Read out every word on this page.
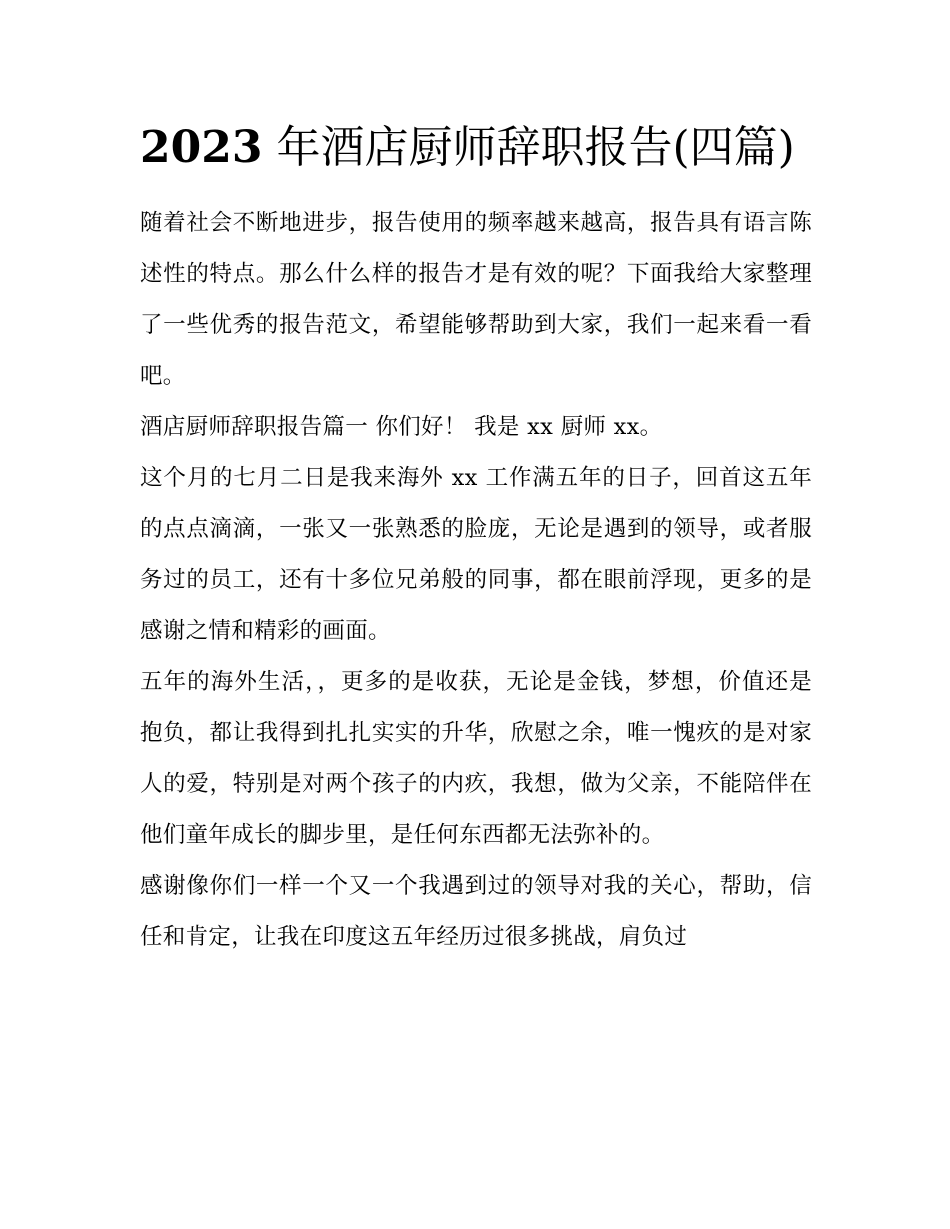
2023 年酒店厨师辞职报告(四篇)

随着社会不断地进步，报告使用的频率越来越高，报告具有语言陈述性的特点。那么什么样的报告才是有效的呢？下面我给大家整理了一些优秀的报告范文，希望能够帮助到大家，我们一起来看一看吧。

酒店厨师辞职报告篇一 你们好！ 我是 xx 厨师 xx。

这个月的七月二日是我来海外 xx 工作满五年的日子，回首这五年的点点滴滴，一张又一张熟悉的脸庞，无论是遇到的领导，或者服务过的员工，还有十多位兄弟般的同事，都在眼前浮现，更多的是感谢之情和精彩的画面。

五年的海外生活，，更多的是收获，无论是金钱，梦想，价值还是抱负，都让我得到扎扎实实的升华，欣慰之余，唯一愧疚的是对家人的爱，特别是对两个孩子的内疚，我想，做为父亲，不能陪伴在他们童年成长的脚步里，是任何东西都无法弥补的。

感谢像你们一样一个又一个我遇到过的领导对我的关心，帮助，信任和肯定，让我在印度这五年经历过很多挑战，肩负过
